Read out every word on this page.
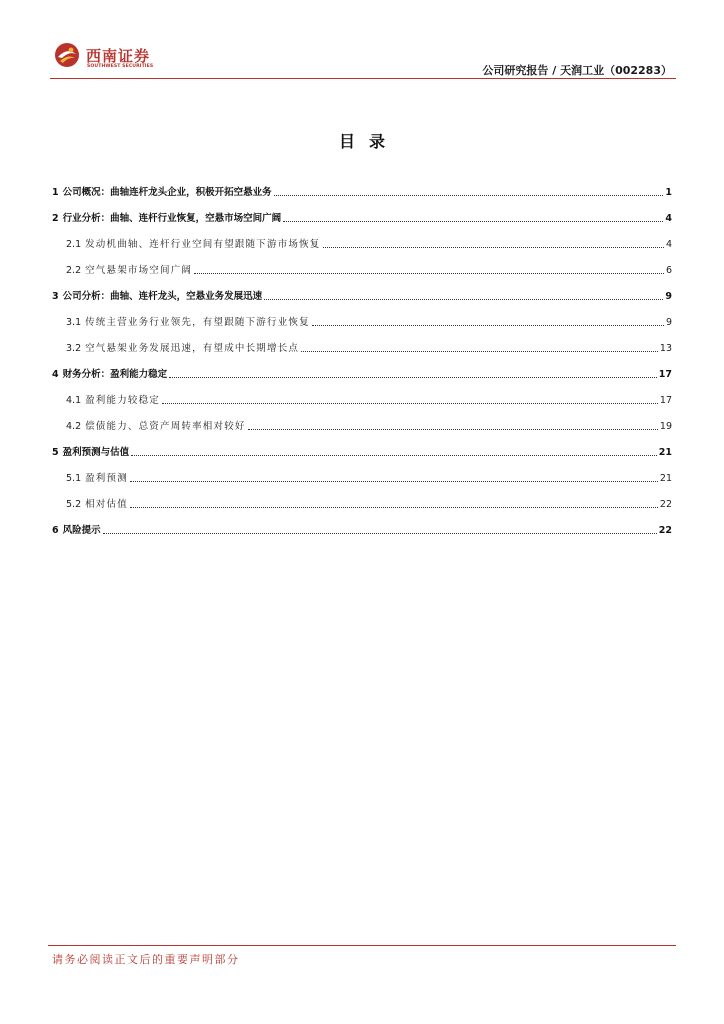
西南证券
SOUTHWEST SECURITIES	公司研究报告 / 天润工业（002283）
目录
1 公司概况：曲轴连杆龙头企业，积极开拓空悬业务	1
2 行业分析：曲轴、连杆行业恢复，空悬市场空间广阔	4
2.1 发动机曲轴、连杆行业空间有望跟随下游市场恢复	4
2.2 空气悬架市场空间广阔	6
3 公司分析：曲轴、连杆龙头，空悬业务发展迅速	9
3.1 传统主营业务行业领先，有望跟随下游行业恢复	9
3.2 空气悬架业务发展迅速，有望成中长期增长点	13
4 财务分析：盈利能力稳定	17
4.1 盈利能力较稳定	17
4.2 偿债能力、总资产周转率相对较好	19
5 盈利预测与估值	21
5.1 盈利预测	21
5.2 相对估值	22
6 风险提示	22
请务必阅读正文后的重要声明部分
